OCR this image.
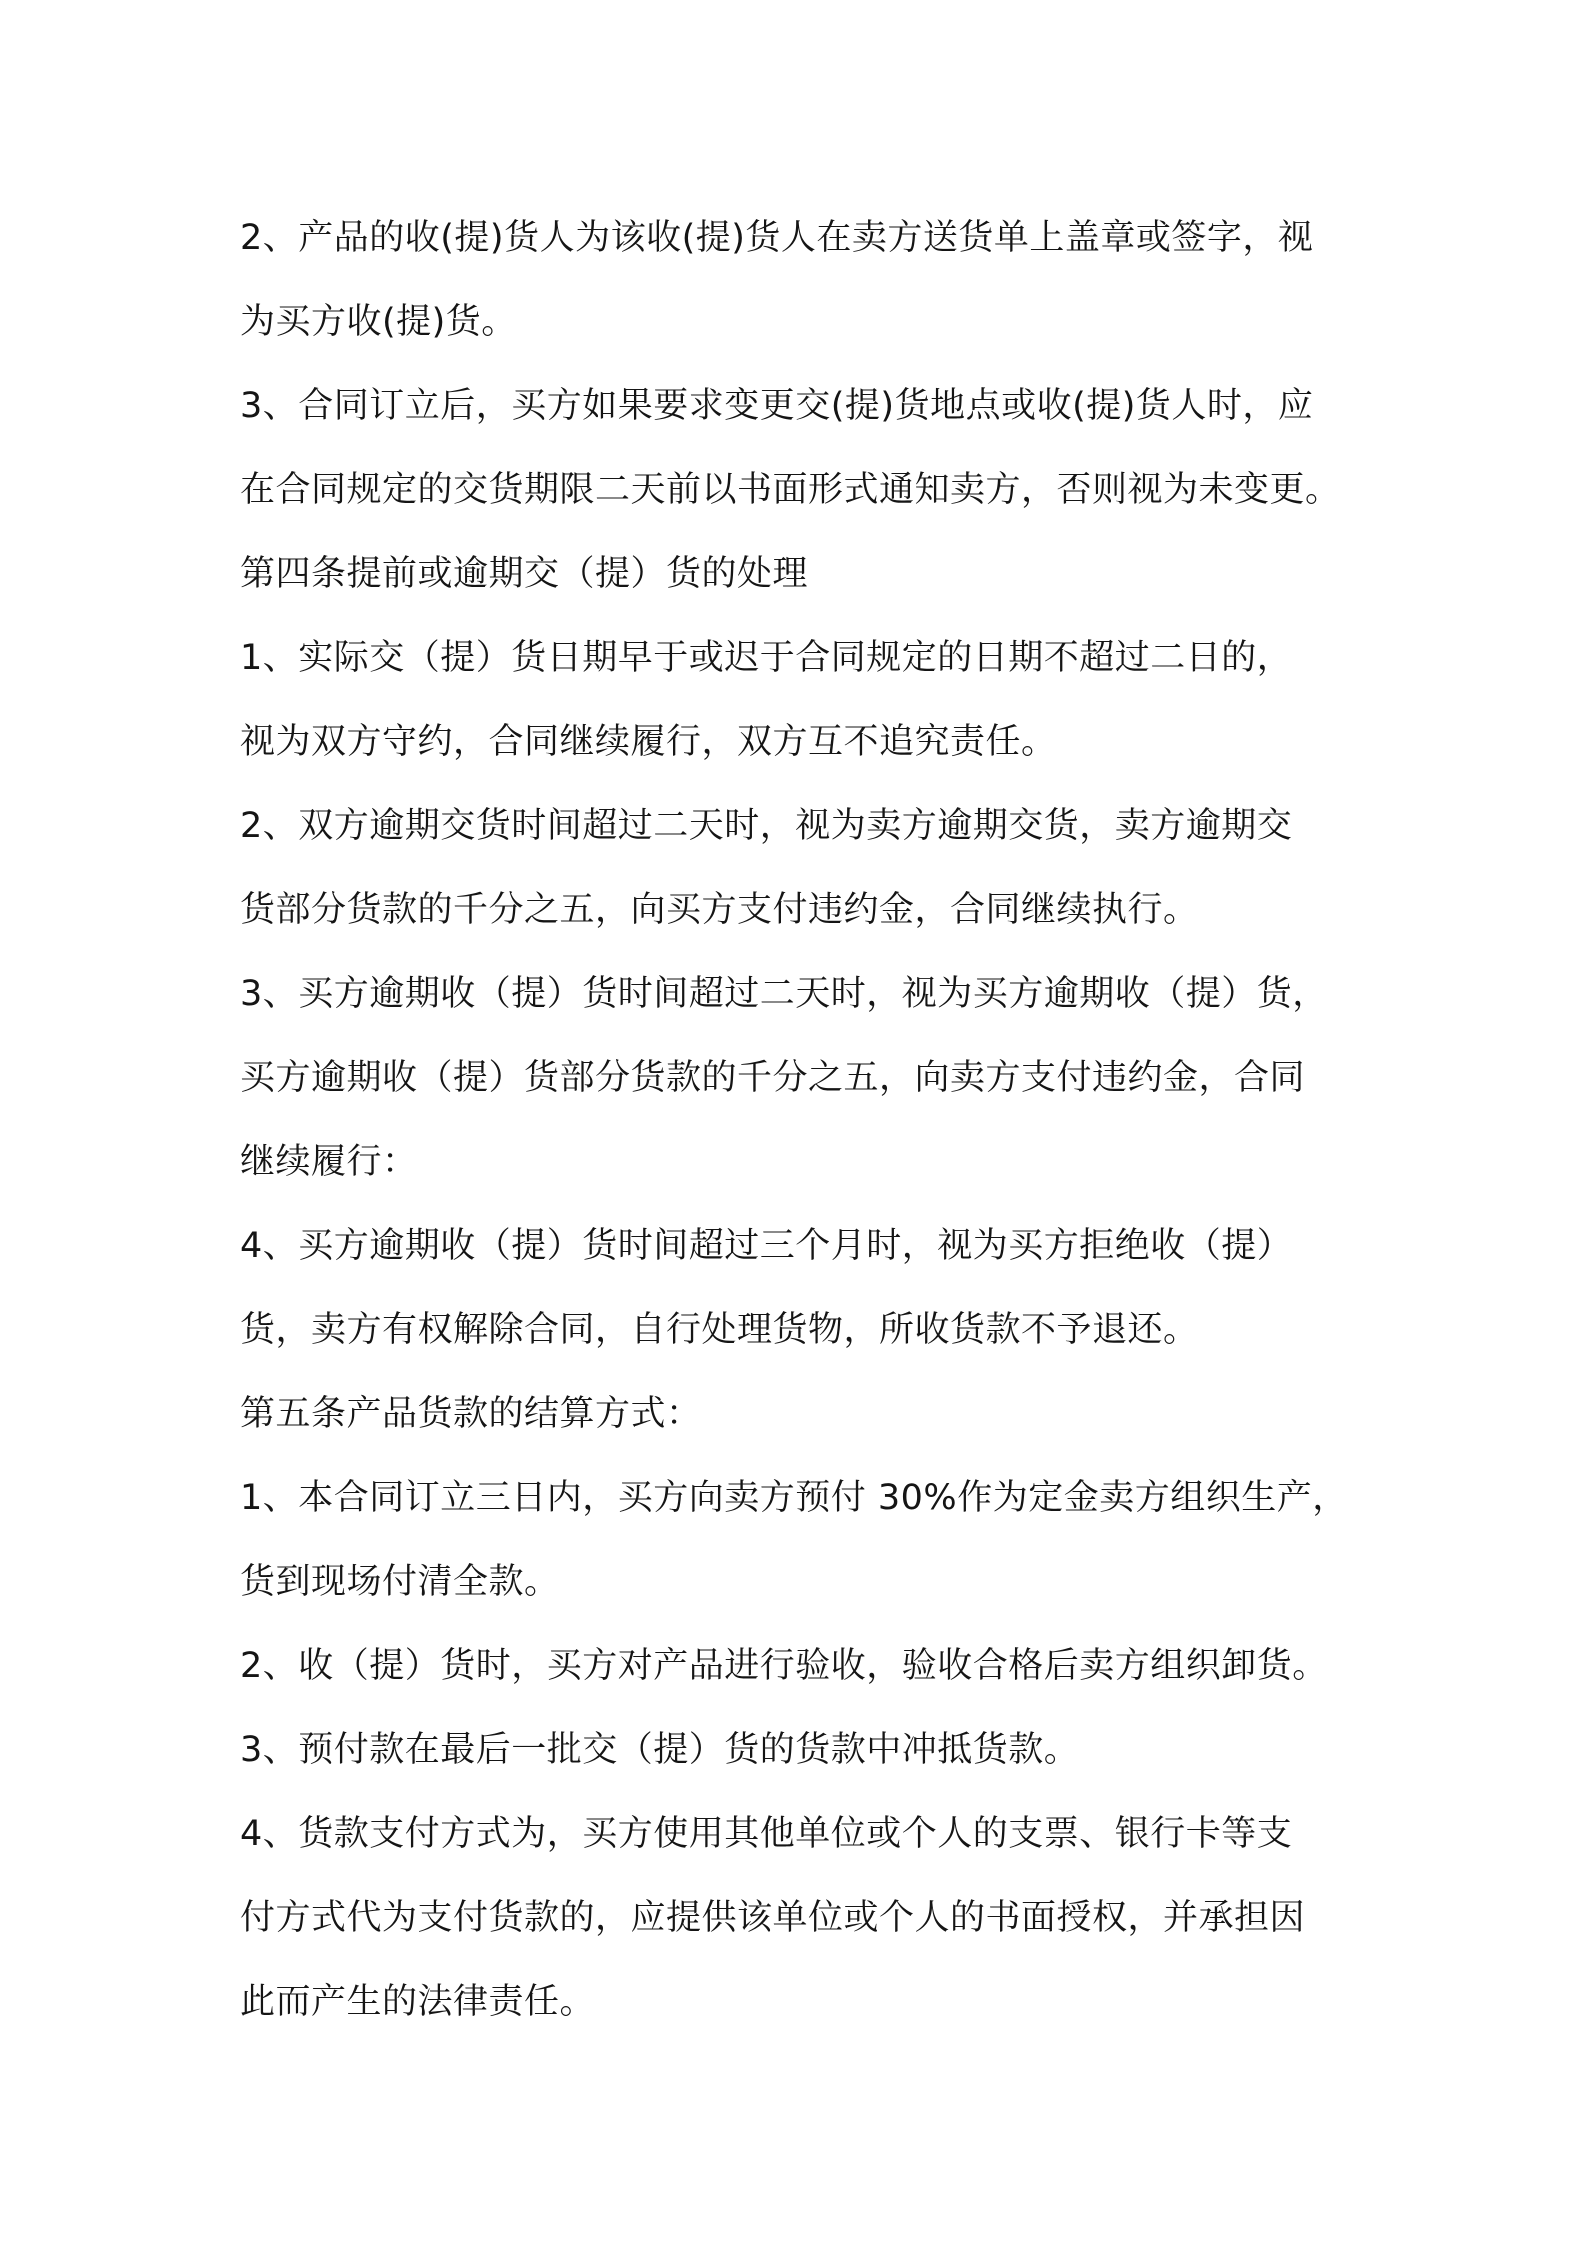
2、产品的收(提)货人为该收(提)货人在卖方送货单上盖章或签字，视
为买方收(提)货。

3、合同订立后，买方如果要求变更交(提)货地点或收(提)货人时，应
在合同规定的交货期限二天前以书面形式通知卖方，否则视为未变更。

第四条提前或逾期交（提）货的处理

1、实际交（提）货日期早于或迟于合同规定的日期不超过二日的，
视为双方守约，合同继续履行，双方互不追究责任。

2、双方逾期交货时间超过二天时，视为卖方逾期交货，卖方逾期交
货部分货款的千分之五，向买方支付违约金，合同继续执行。

3、买方逾期收（提）货时间超过二天时，视为买方逾期收（提）货，
买方逾期收（提）货部分货款的千分之五，向卖方支付违约金，合同
继续履行：

4、买方逾期收（提）货时间超过三个月时，视为买方拒绝收（提）
货，卖方有权解除合同，自行处理货物，所收货款不予退还。

第五条产品货款的结算方式：

1、本合同订立三日内，买方向卖方预付 30%作为定金卖方组织生产，
货到现场付清全款。

2、收（提）货时，买方对产品进行验收，验收合格后卖方组织卸货。

3、预付款在最后一批交（提）货的货款中冲抵货款。

4、货款支付方式为，买方使用其他单位或个人的支票、银行卡等支
付方式代为支付货款的，应提供该单位或个人的书面授权，并承担因
此而产生的法律责任。
